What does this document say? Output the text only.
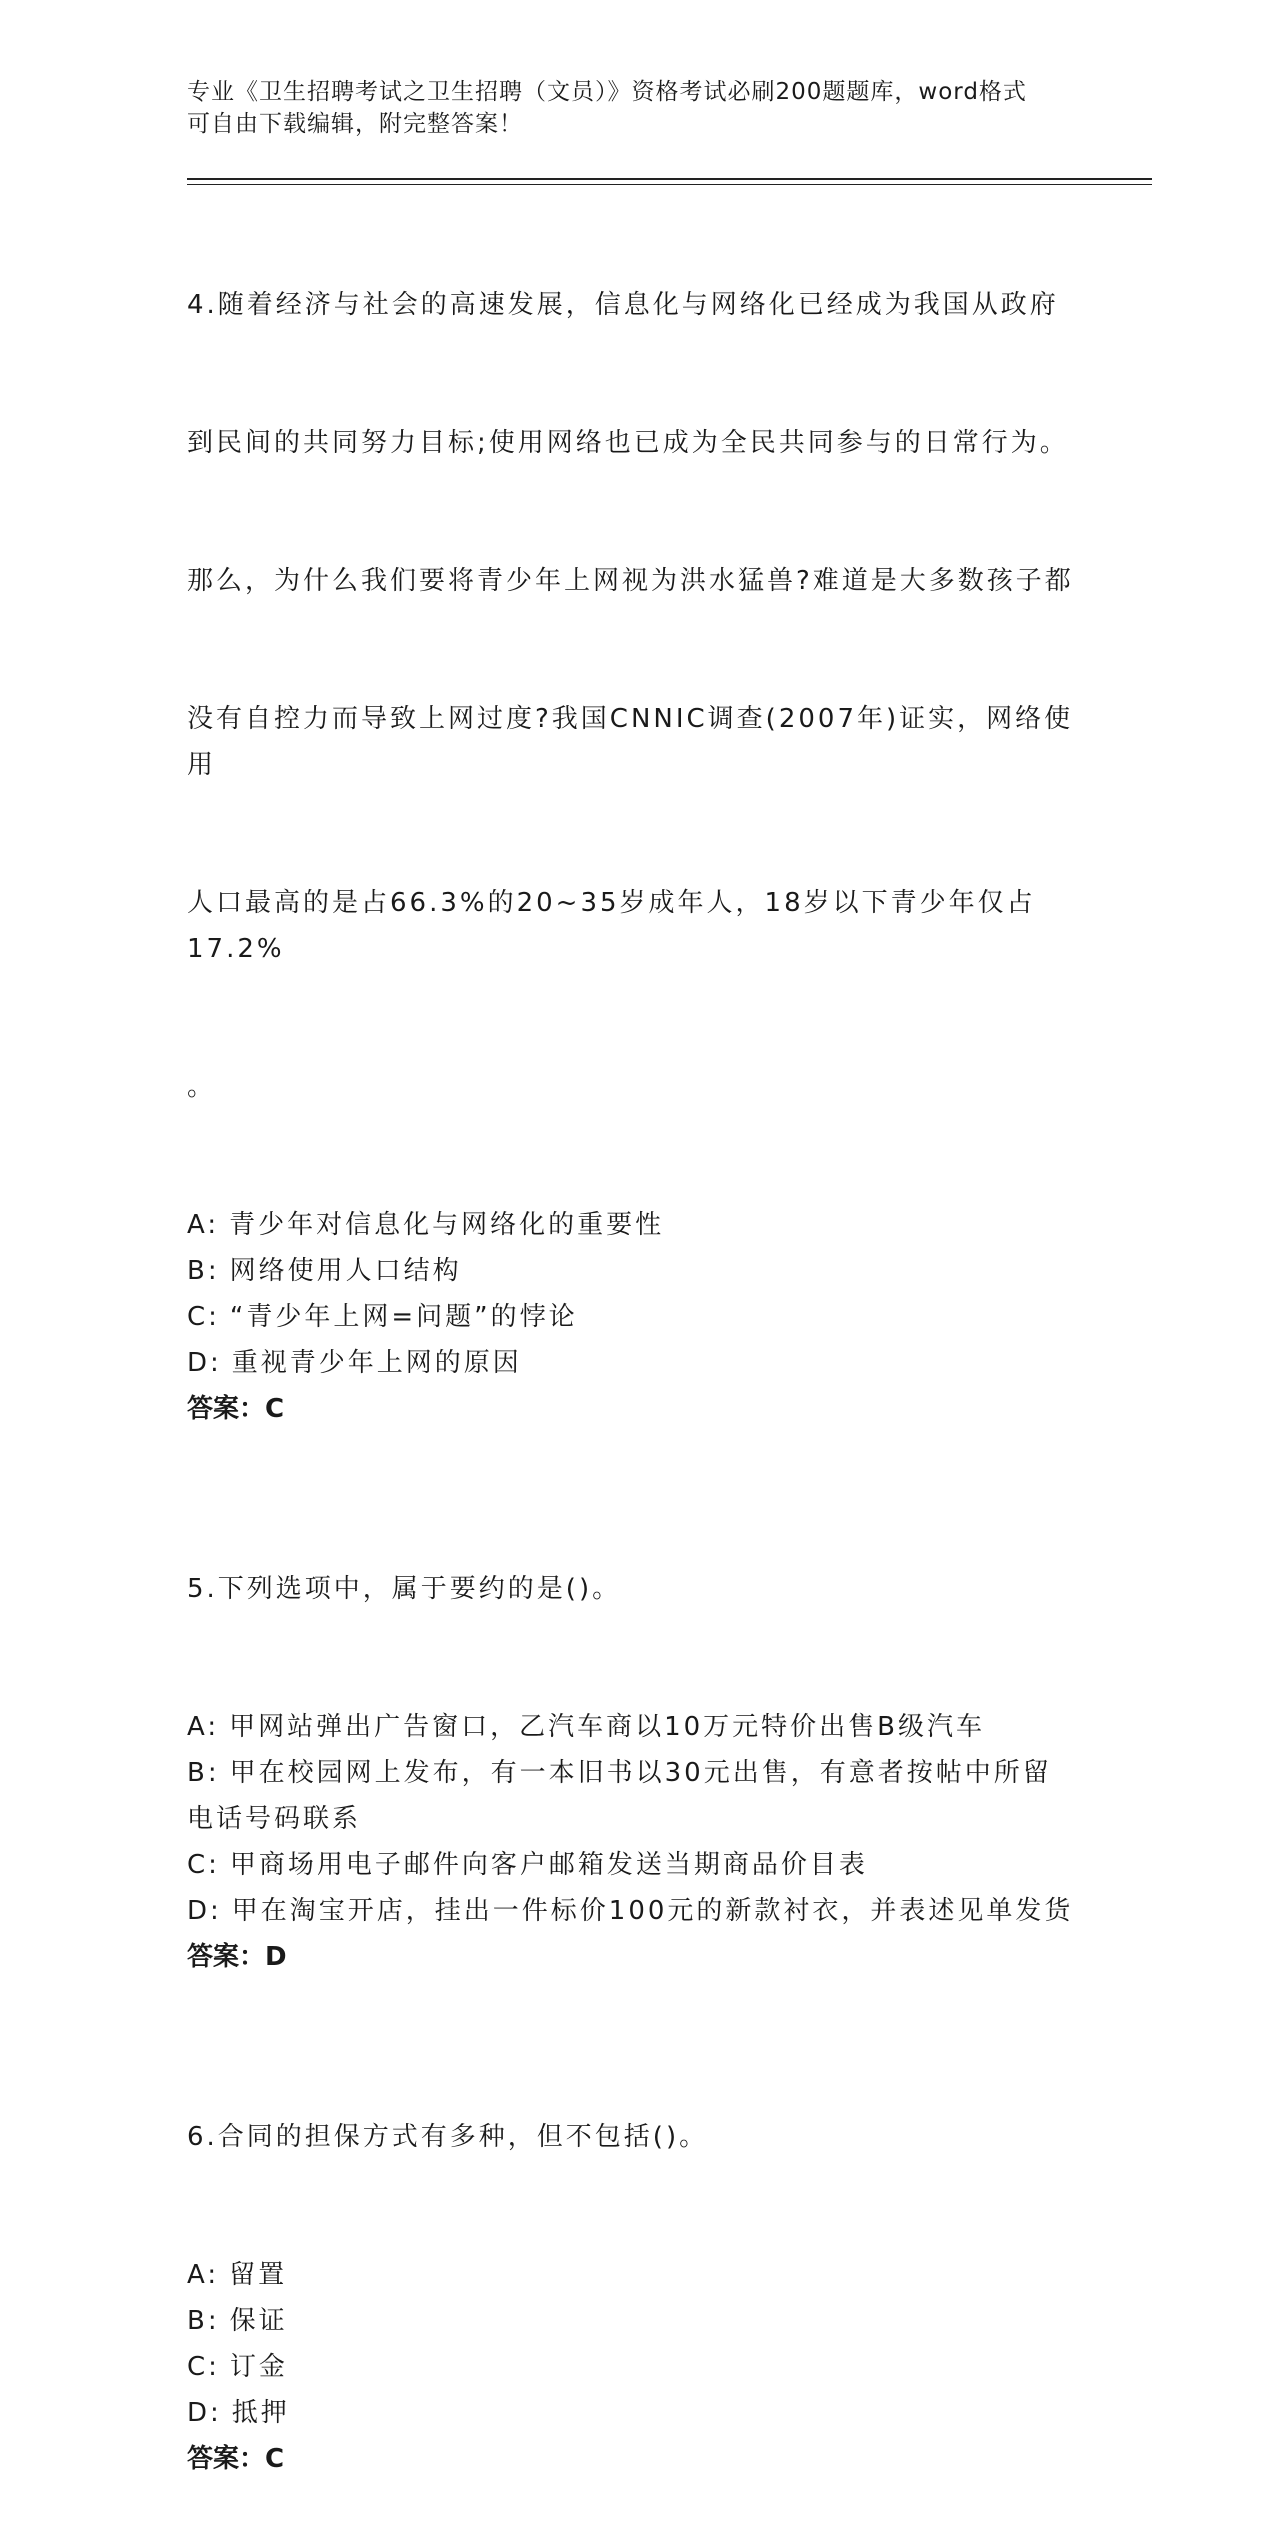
专业《卫生招聘考试之卫生招聘（文员）》资格考试必刷200题题库，word格式
可自由下载编辑，附完整答案！

4.随着经济与社会的高速发展，信息化与网络化已经成为我国从政府

到民间的共同努力目标;使用网络也已成为全民共同参与的日常行为。

那么，为什么我们要将青少年上网视为洪水猛兽?难道是大多数孩子都

没有自控力而导致上网过度?我国CNNIC调查(2007年)证实，网络使用

人口最高的是占66.3%的20~35岁成年人，18岁以下青少年仅占17.2%

。

A: 青少年对信息化与网络化的重要性

B: 网络使用人口结构

C: “青少年上网=问题”的悖论

D: 重视青少年上网的原因

答案：C

5.下列选项中，属于要约的是()。

A: 甲网站弹出广告窗口，乙汽车商以10万元特价出售B级汽车

B: 甲在校园网上发布，有一本旧书以30元出售，有意者按帖中所留
电话号码联系

C: 甲商场用电子邮件向客户邮箱发送当期商品价目表

D: 甲在淘宝开店，挂出一件标价100元的新款衬衣，并表述见单发货

答案：D

6.合同的担保方式有多种，但不包括()。

A: 留置

B: 保证

C: 订金

D: 抵押

答案：C
